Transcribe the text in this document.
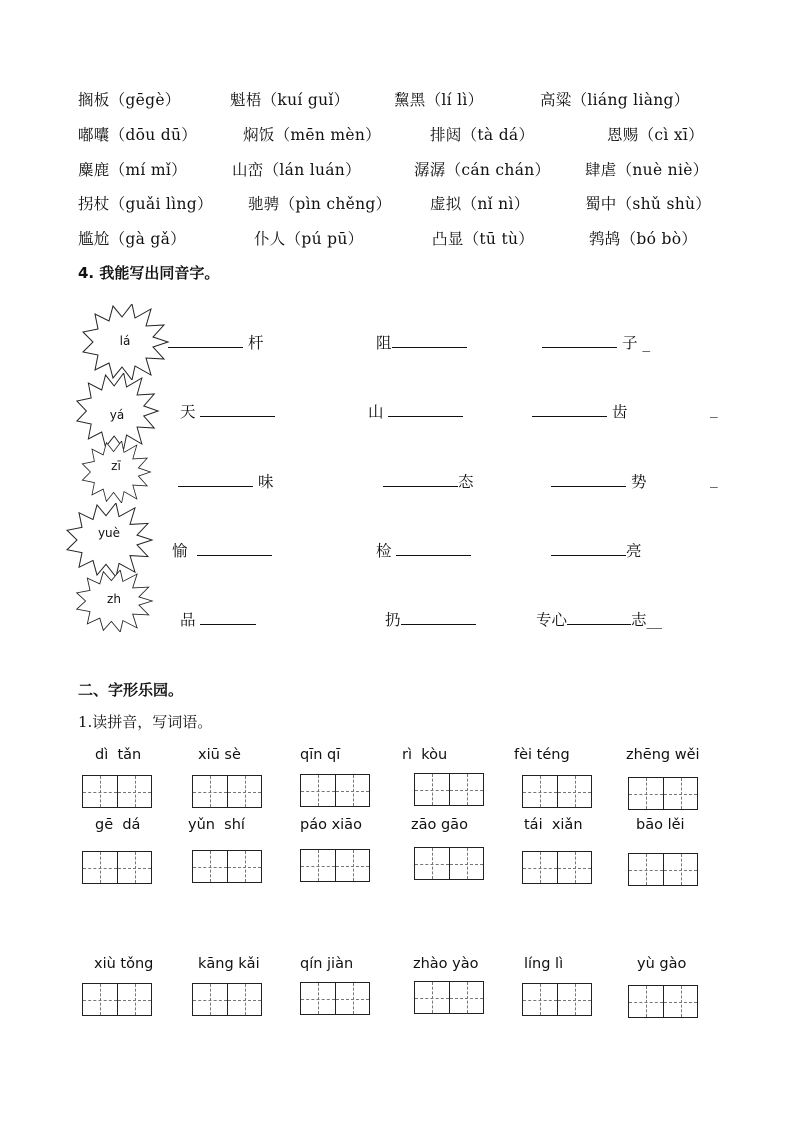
搁板（gēgè）	魁梧（kuí guǐ）	黧黑（lí lì）	高粱（liáng liàng）
嘟囔（dōu dū）	焖饭（mēn mèn）	排闼（tà dá）	恩赐（cì xī）
麋鹿（mí mǐ）	山峦（lán luán）	潺潺（cán chán） 肆虐（nuè niè）
拐杖（guǎi lìng） 驰骋（pìn chěng） 虚拟（nǐ nì）	蜀中（shǔ shù）
尴尬（gà gǎ）	仆人（pú pū）	凸显（tū tù）	鹁鸪（bó bò）
4. 我能写出同音字。
lá	杆	阻	子 _
yá	天	山	齿	_
zī
味	态	势	_
yuè
愉	检	亮
zh
品	扔	专心	志__
二、字形乐园。
1.读拼音，写词语。
dì  tǎn	xiū sè	qīn qī	rì  kòu	fèi téng	zhēng wěi
gē  dá	yǔn  shí	páo xiāo	zāo gāo	tái  xiǎn	bāo lěi
xiù tǒng	kāng kǎi	qín jiàn	zhào yào	líng lì	yù gào
